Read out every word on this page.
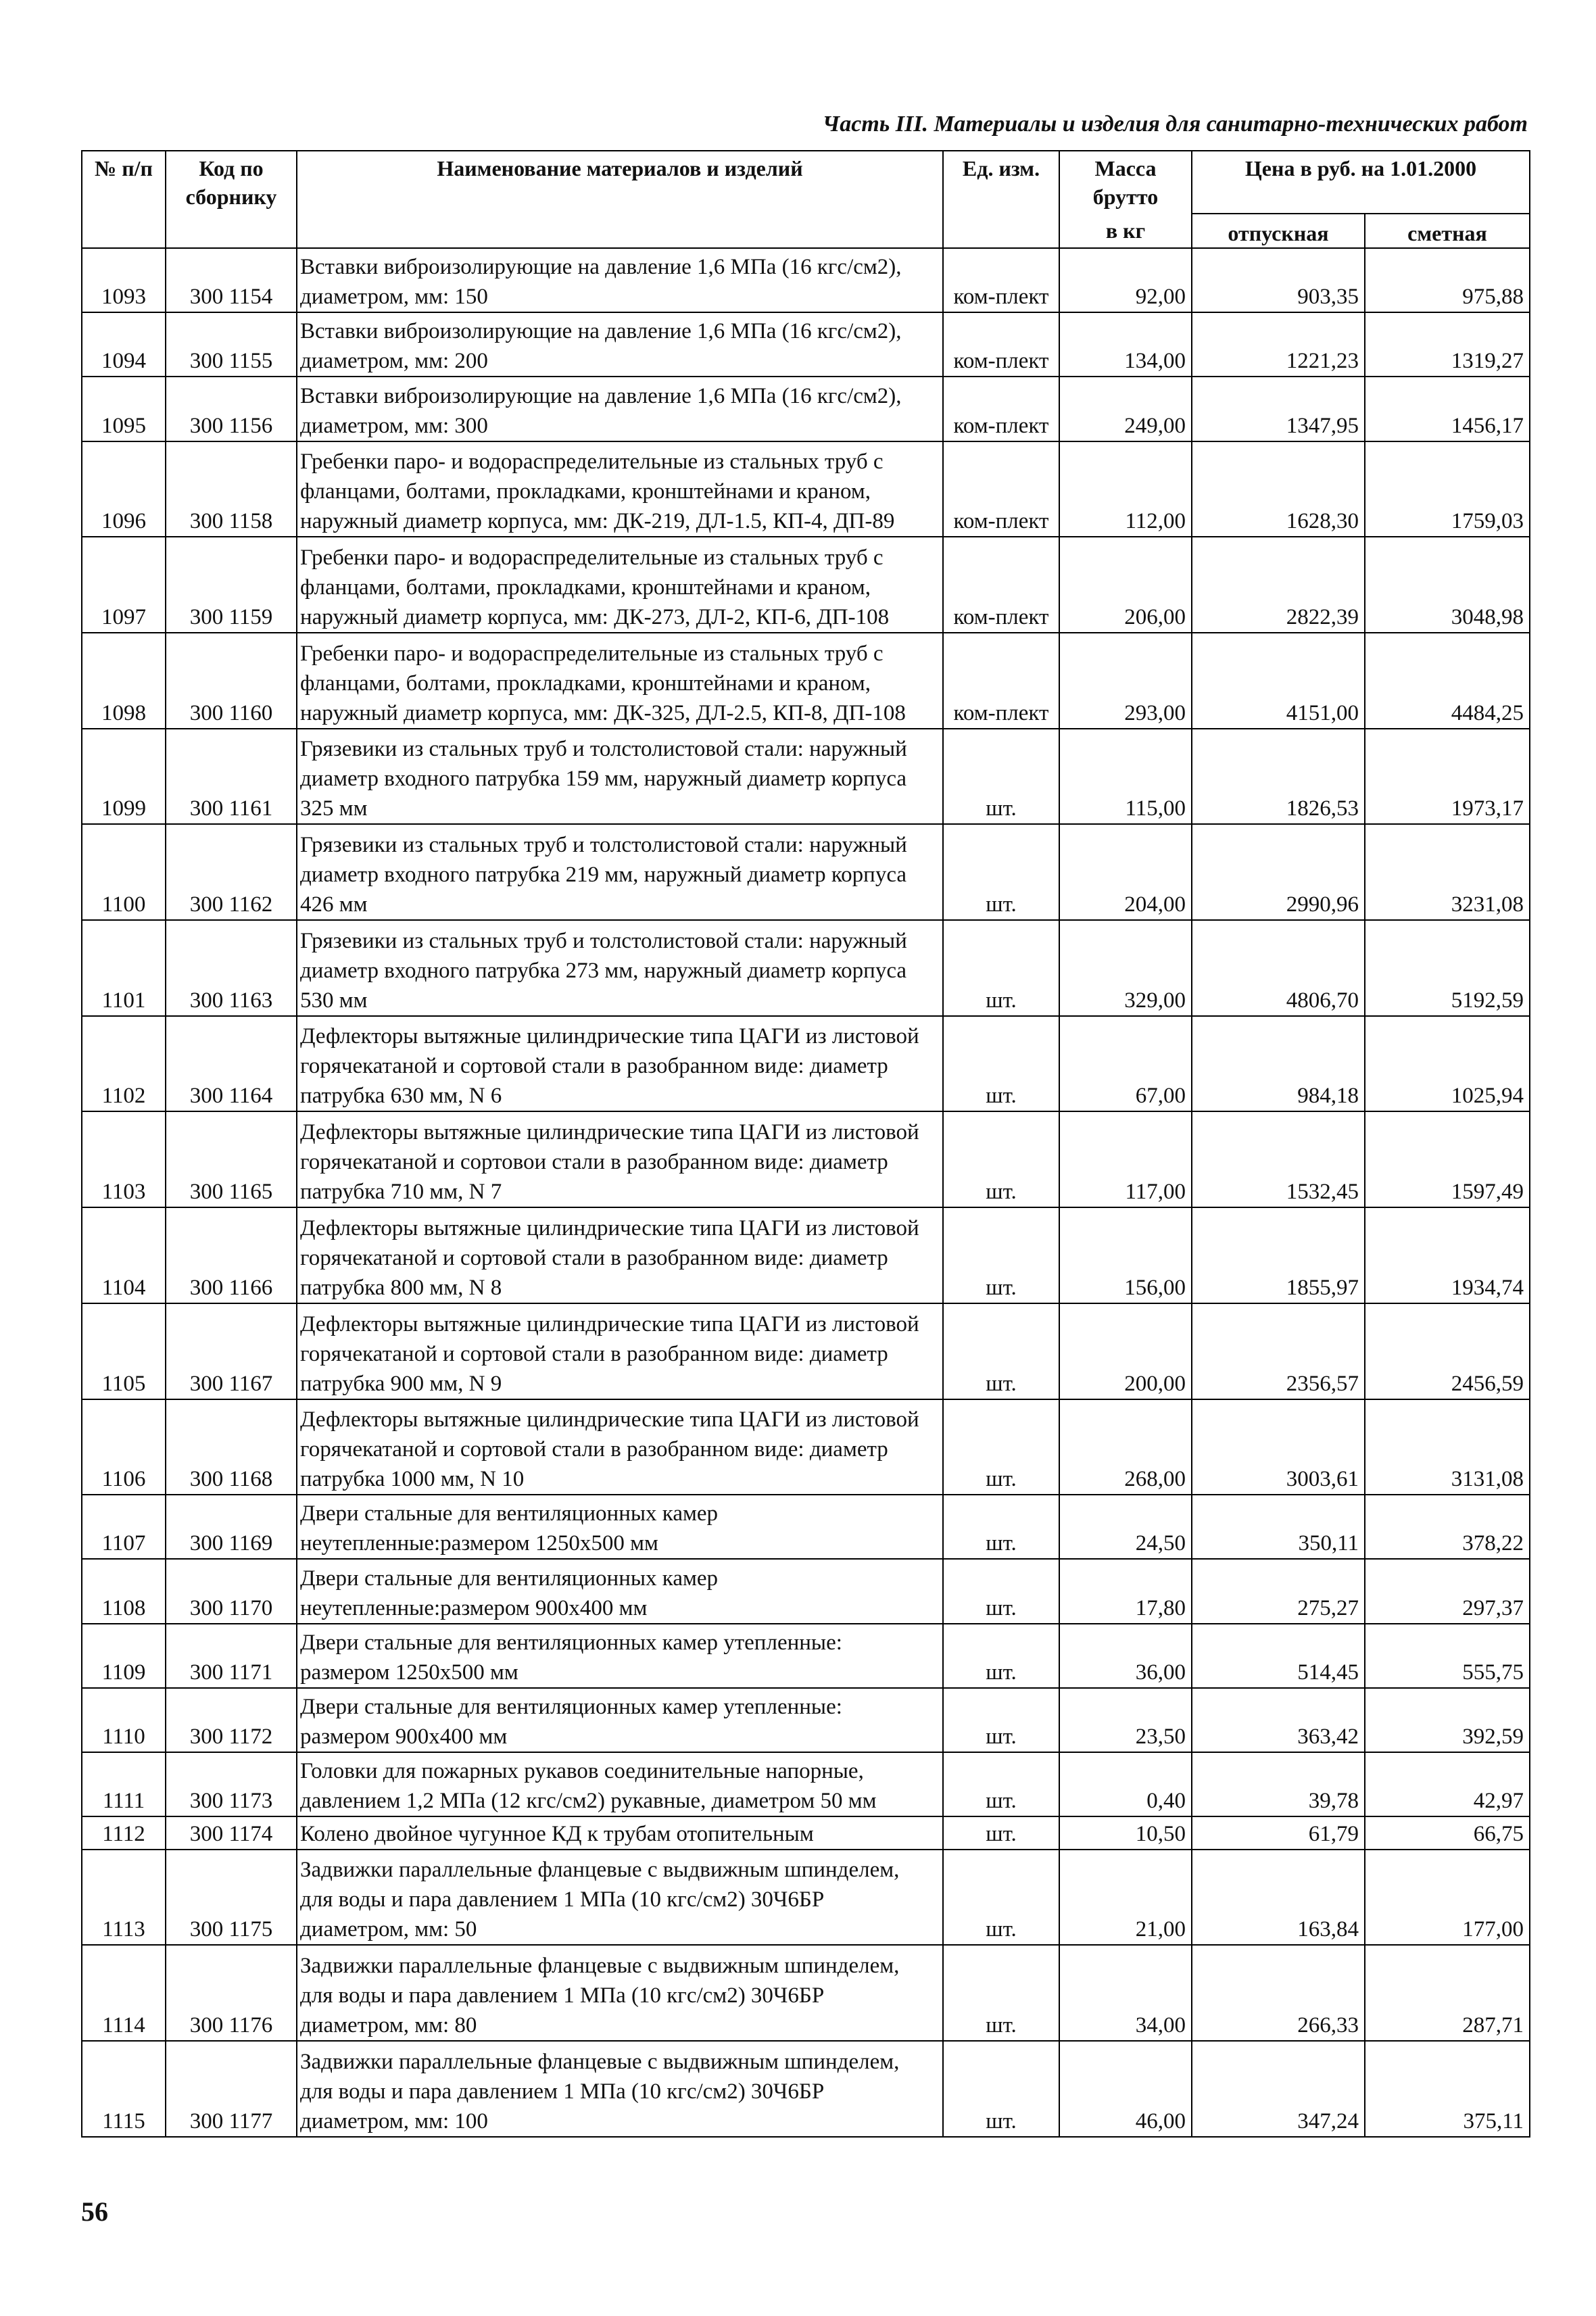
Часть III. Материалы и изделия для санитарно-технических работ
№ п/п	Код по сборнику	Наименование материалов и изделий	Ед. изм.	Масса брутто	Цена в руб. на 1.01.2000	
				в кг	отпускная	сметная
1093	300 1154	Вставки виброизолирующие на давление 1,6 МПа (16 кгс/см2), диаметром, мм: 150	ком-плект	92,00	903,35	975,88
1094	300 1155	Вставки виброизолирующие на давление 1,6 МПа (16 кгс/см2), диаметром, мм: 200	ком-плект	134,00	1221,23	1319,27
1095	300 1156	Вставки виброизолирующие на давление 1,6 МПа (16 кгс/см2), диаметром, мм: 300	ком-плект	249,00	1347,95	1456,17
1096	300 1158	Гребенки паро- и водораспределительные из стальных труб с фланцами, болтами, прокладками, кронштейнами и краном, наружный диаметр корпуса, мм: ДК-219, ДЛ-1.5, КП-4, ДП-89	ком-плект	112,00	1628,30	1759,03
1097	300 1159	Гребенки паро- и водораспределительные из стальных труб с фланцами, болтами, прокладками, кронштейнами и краном, наружный диаметр корпуса, мм: ДК-273, ДЛ-2, КП-6, ДП-108	ком-плект	206,00	2822,39	3048,98
1098	300 1160	Гребенки паро- и водораспределительные из стальных труб с фланцами, болтами, прокладками, кронштейнами и краном, наружный диаметр корпуса, мм: ДК-325, ДЛ-2.5, КП-8, ДП-108	ком-плект	293,00	4151,00	4484,25
1099	300 1161	Грязевики из стальных труб и толстолистовой стали: наружный диаметр входного патрубка 159 мм, наружный диаметр корпуса 325 мм	шт.	115,00	1826,53	1973,17
1100	300 1162	Грязевики из стальных труб и толстолистовой стали: наружный диаметр входного патрубка 219 мм, наружный диаметр корпуса 426 мм	шт.	204,00	2990,96	3231,08
1101	300 1163	Грязевики из стальных труб и толстолистовой стали: наружный диаметр входного патрубка 273 мм, наружный диаметр корпуса 530 мм	шт.	329,00	4806,70	5192,59
1102	300 1164	Дефлекторы вытяжные цилиндрические типа ЦАГИ из листовой горячекатаной и сортовой стали в разобранном виде: диаметр патрубка 630 мм, N 6	шт.	67,00	984,18	1025,94
1103	300 1165	Дефлекторы вытяжные цилиндрические типа ЦАГИ из листовой горячекатаной и сортовои стали в разобранном виде: диаметр патрубка 710 мм, N 7	шт.	117,00	1532,45	1597,49
1104	300 1166	Дефлекторы вытяжные цилиндрические типа ЦАГИ из листовой горячекатаной и сортовой стали в разобранном виде: диаметр патрубка 800 мм, N 8	шт.	156,00	1855,97	1934,74
1105	300 1167	Дефлекторы вытяжные цилиндрические типа ЦАГИ из листовой горячекатаной и сортовой стали в разобранном виде: диаметр патрубка 900 мм, N 9	шт.	200,00	2356,57	2456,59
1106	300 1168	Дефлекторы вытяжные цилиндрические типа ЦАГИ из листовой горячекатаной и сортовой стали в разобранном виде: диаметр патрубка 1000 мм, N 10	шт.	268,00	3003,61	3131,08
1107	300 1169	Двери стальные для вентиляционных камер неутепленные:размером 1250х500 мм	шт.	24,50	350,11	378,22
1108	300 1170	Двери стальные для вентиляционных камер неутепленные:размером 900х400 мм	шт.	17,80	275,27	297,37
1109	300 1171	Двери стальные для вентиляционных камер утепленные: размером 1250х500 мм	шт.	36,00	514,45	555,75
1110	300 1172	Двери стальные для вентиляционных камер утепленные: размером 900х400 мм	шт.	23,50	363,42	392,59
1111	300 1173	Головки для пожарных рукавов соединительные напорные, давлением 1,2 МПа (12 кгс/см2) рукавные, диаметром 50 мм	шт.	0,40	39,78	42,97
1112	300 1174	Колено двойное чугунное КД к трубам отопительным	шт.	10,50	61,79	66,75
1113	300 1175	Задвижки параллельные фланцевые с выдвижным шпинделем, для воды и пара давлением 1 МПа (10 кгс/см2) 30Ч6БР диаметром, мм: 50	шт.	21,00	163,84	177,00
1114	300 1176	Задвижки параллельные фланцевые с выдвижным шпинделем, для воды и пара давлением 1 МПа (10 кгс/см2) 30Ч6БР диаметром, мм: 80	шт.	34,00	266,33	287,71
1115	300 1177	Задвижки параллельные фланцевые с выдвижным шпинделем, для воды и пара давлением 1 МПа (10 кгс/см2) 30Ч6БР диаметром, мм: 100	шт.	46,00	347,24	375,11
56
